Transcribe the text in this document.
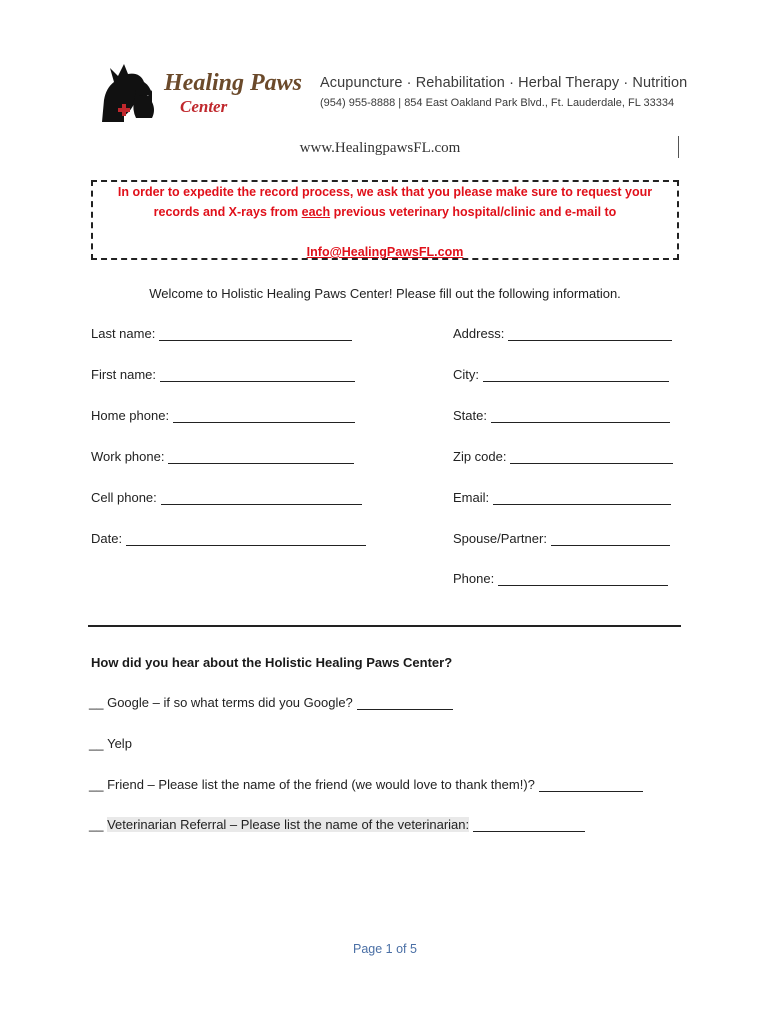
Healing Paws
Center
Acupuncture · Rehabilitation · Herbal Therapy · Nutrition
(954) 955-8888 | 854 East Oakland Park Blvd., Ft. Lauderdale, FL 33334
www.HealingpawsFL.com
In order to expedite the record process, we ask that you please make sure to request your
records and X-rays from each previous veterinary hospital/clinic and e-mail to
Info@HealingPawsFL.com
Welcome to Holistic Healing Paws Center! Please fill out the following information.
Last name:
First name:
Home phone:
Work phone:
Cell phone:
Date:
Address:
City:
State:
Zip code:
Email:
Spouse/Partner:
Phone:
How did you hear about the Holistic Healing Paws Center?
__
Google – if so what terms did you Google?
__
Yelp
__
Friend – Please list the name of the friend (we would love to thank them!)?
__
Veterinarian Referral – Please list the name of the veterinarian:
Page 1 of 5
